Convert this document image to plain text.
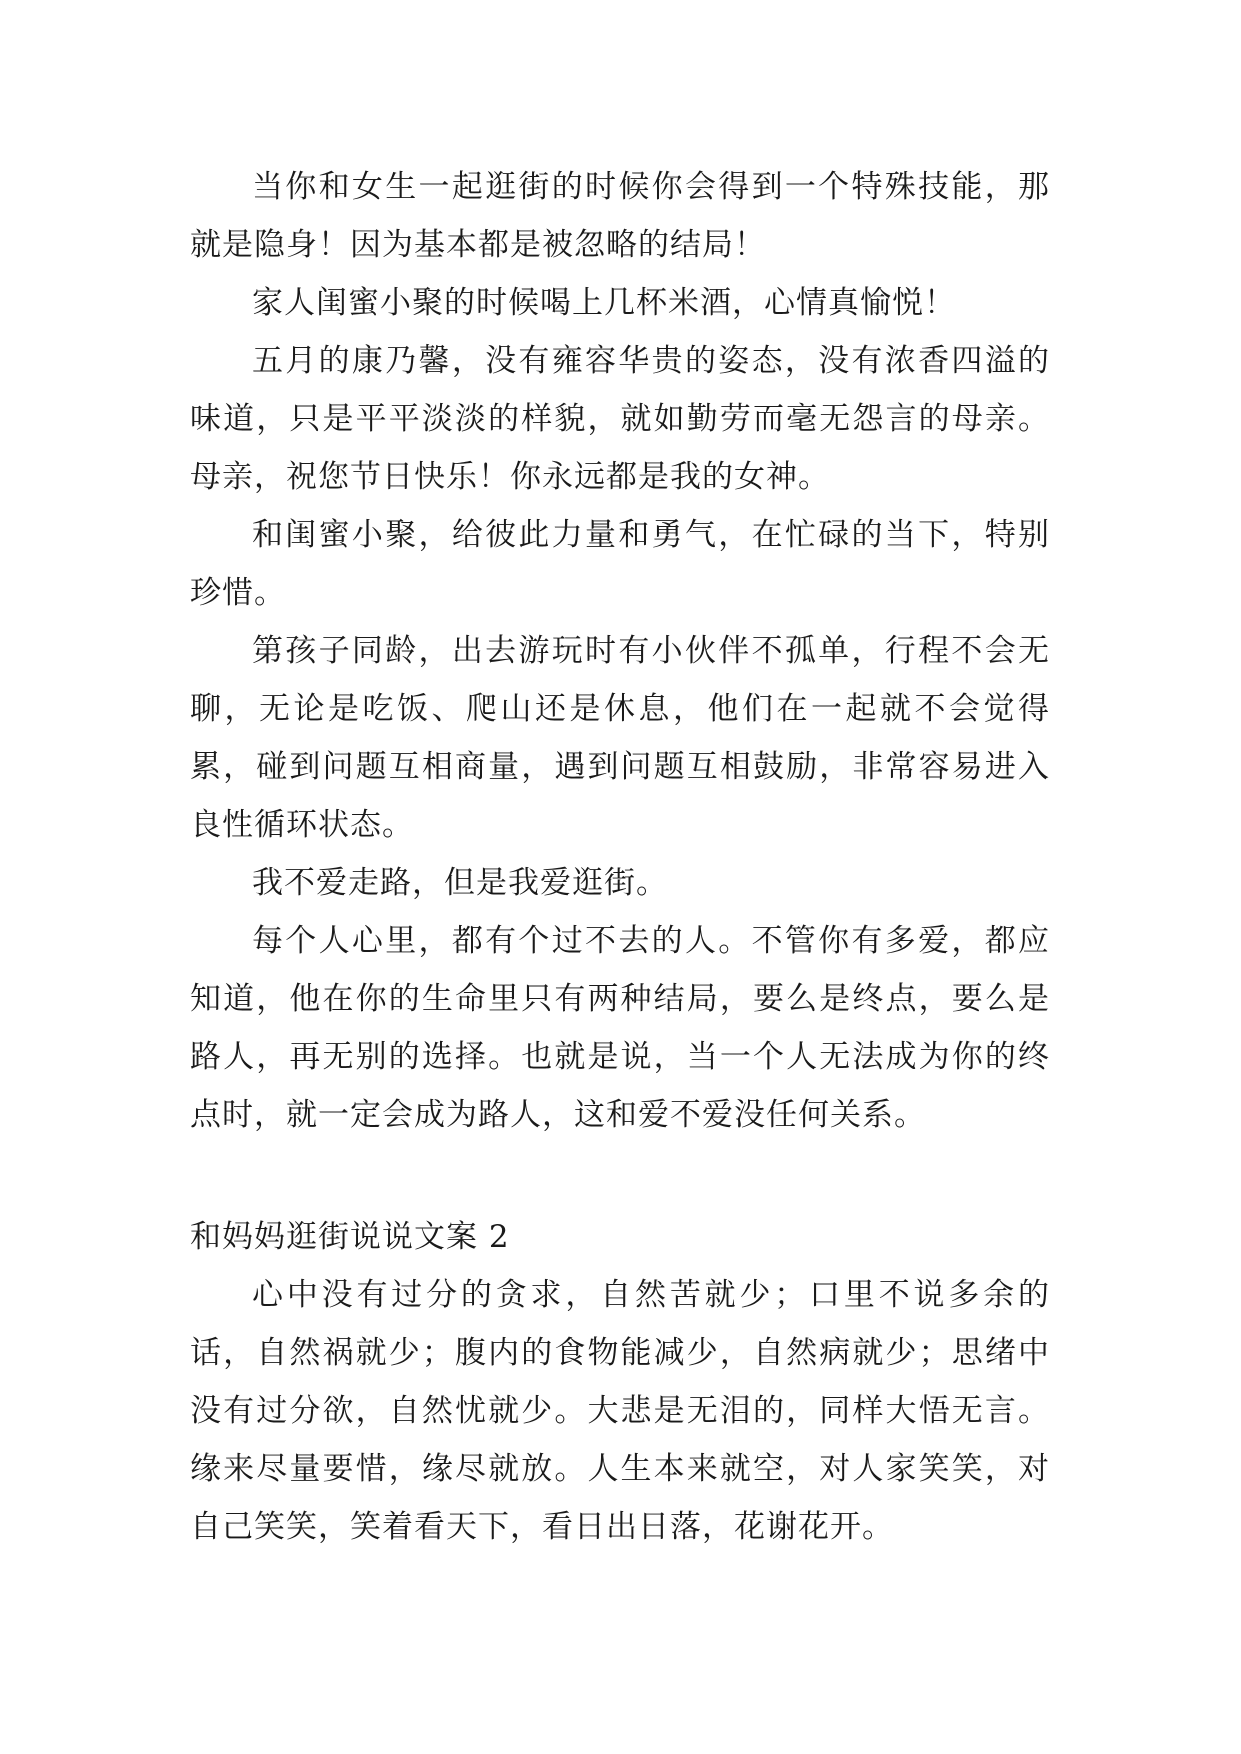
当你和女生一起逛街的时候你会得到一个特殊技能，那就是隐身！因为基本都是被忽略的结局！

家人闺蜜小聚的时候喝上几杯米酒，心情真愉悦！

五月的康乃馨，没有雍容华贵的姿态，没有浓香四溢的味道，只是平平淡淡的样貌，就如勤劳而毫无怨言的母亲。母亲，祝您节日快乐！你永远都是我的女神。

和闺蜜小聚，给彼此力量和勇气，在忙碌的当下，特别珍惜。

第孩子同龄，出去游玩时有小伙伴不孤单，行程不会无聊，无论是吃饭、爬山还是休息，他们在一起就不会觉得累，碰到问题互相商量，遇到问题互相鼓励，非常容易进入良性循环状态。

我不爱走路，但是我爱逛街。

每个人心里，都有个过不去的人。不管你有多爱，都应知道，他在你的生命里只有两种结局，要么是终点，要么是路人，再无别的选择。也就是说，当一个人无法成为你的终点时，就一定会成为路人，这和爱不爱没任何关系。

和妈妈逛街说说文案 2

心中没有过分的贪求，自然苦就少；口里不说多余的话，自然祸就少；腹内的食物能减少，自然病就少；思绪中没有过分欲，自然忧就少。大悲是无泪的，同样大悟无言。缘来尽量要惜，缘尽就放。人生本来就空，对人家笑笑，对自己笑笑，笑着看天下，看日出日落，花谢花开。
